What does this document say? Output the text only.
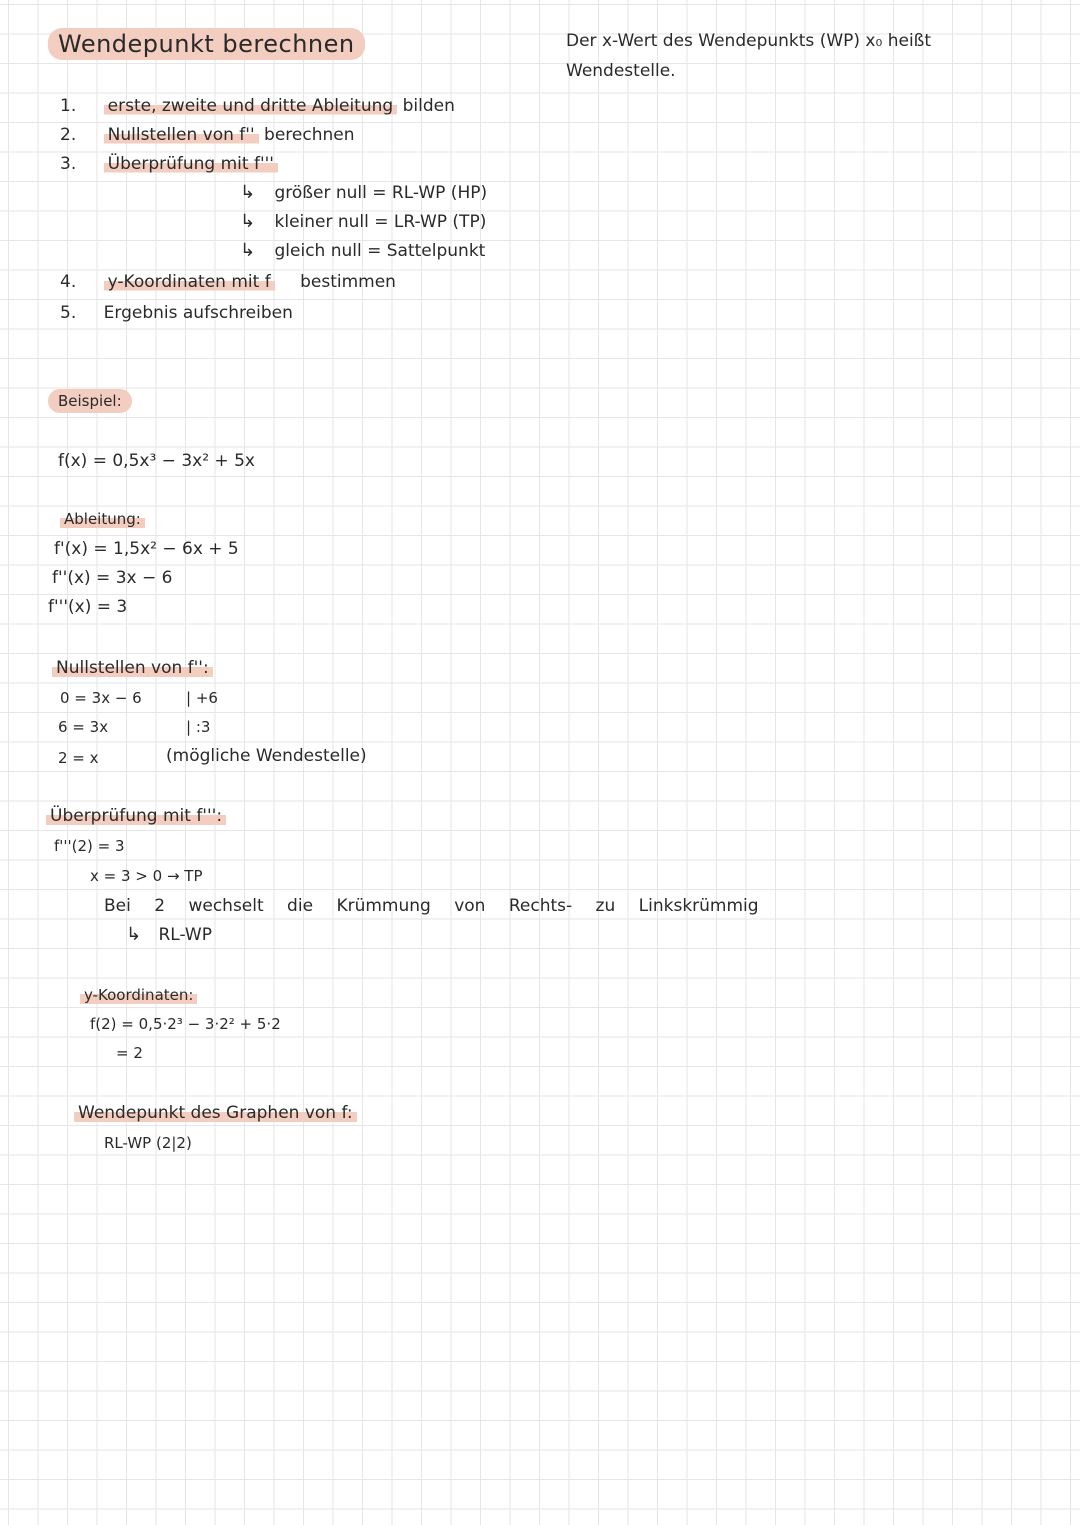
Wendepunkt berechnen	Der x-Wert des Wendepunkts (WP) x₀ heißt
Wendestelle.
1. erste, zweite und dritte Ableitung bilden
2. Nullstellen von f'' berechnen
3. Überprüfung mit f'''
↳ größer null = RL-WP (HP)
↳ kleiner null = LR-WP (TP)
↳ gleich null = Sattelpunkt
4. y-Koordinaten mit f bestimmen
5. Ergebnis aufschreiben
Beispiel:
f(x) = 0,5x³ − 3x² + 5x
Ableitung:
f'(x) = 1,5x² − 6x + 5
f''(x) = 3x − 6
f'''(x) = 3
Nullstellen von f'':
0 = 3x − 6	| +6
6 = 3x	| :3
2 = x	(mögliche Wendestelle)
Überprüfung mit f''':
f'''(2) = 3
x = 3 > 0 → TP
Bei 2 wechselt die Krümmung von Rechts- zu Linkskrümmig
↳ RL-WP
y-Koordinaten:
f(2) = 0,5·2³ − 3·2² + 5·2
= 2
Wendepunkt des Graphen von f:
RL-WP (2|2)
